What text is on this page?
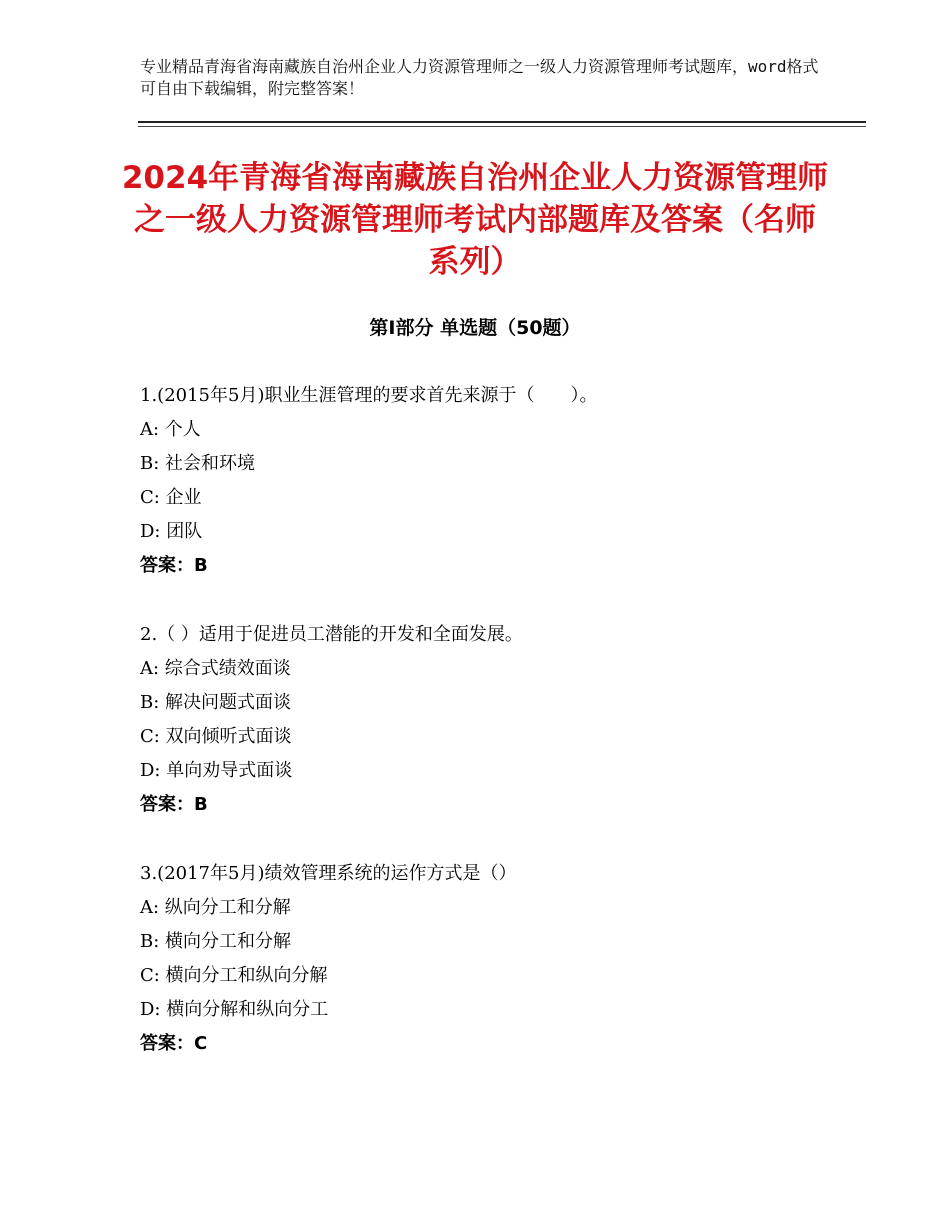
专业精品青海省海南藏族自治州企业人力资源管理师之一级人力资源管理师考试题库，word格式可自由下载编辑，附完整答案！
2024年青海省海南藏族自治州企业人力资源管理师之一级人力资源管理师考试内部题库及答案（名师系列）
第Ⅰ部分 单选题（50题）
1.(2015年5月)职业生涯管理的要求首先来源于（　　）。
A: 个人
B: 社会和环境
C: 企业
D: 团队
答案：B
2.（ ）适用于促进员工潜能的开发和全面发展。
A: 综合式绩效面谈
B: 解决问题式面谈
C: 双向倾听式面谈
D: 单向劝导式面谈
答案：B
3.(2017年5月)绩效管理系统的运作方式是（）
A: 纵向分工和分解
B: 横向分工和分解
C: 横向分工和纵向分解
D: 横向分解和纵向分工
答案：C
